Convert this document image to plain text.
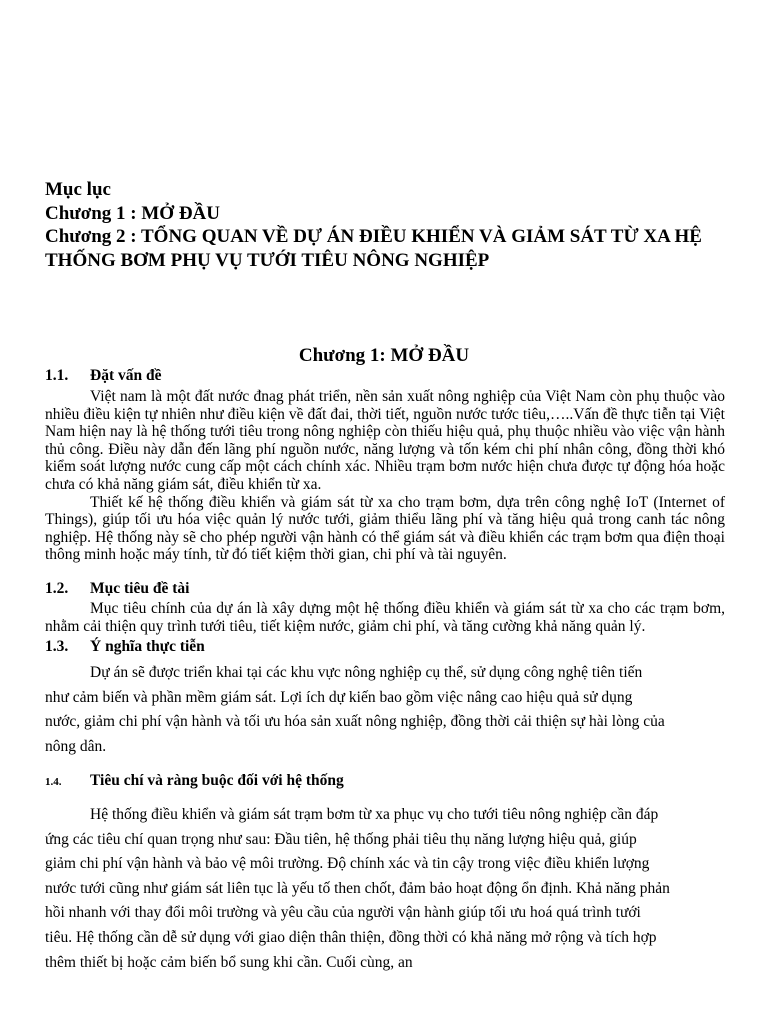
Mục lục
Chương 1 : MỞ ĐẦU
Chương 2 : TỔNG QUAN VỀ DỰ ÁN ĐIỀU KHIỂN VÀ GIẢM SÁT TỪ XA HỆ THỐNG BƠM PHỤ VỤ TƯỚI TIÊU NÔNG NGHIỆP
Chương 1: MỞ ĐẦU
1.1. Đặt vấn đề

Việt nam là một đất nước đnag phát triển, nền sản xuất nông nghiệp của Việt Nam còn phụ thuộc vào nhiều điều kiện tự nhiên như điều kiện về đất đai, thời tiết, nguồn nước tước tiêu,…..Vấn đề thực tiễn tại Việt Nam hiện nay là hệ thống tưới tiêu trong nông nghiệp còn thiếu hiệu quả, phụ thuộc nhiều vào việc vận hành thủ công. Điều này dẫn đến lãng phí nguồn nước, năng lượng và tốn kém chi phí nhân công, đồng thời khó kiểm soát lượng nước cung cấp một cách chính xác. Nhiều trạm bơm nước hiện chưa được tự động hóa hoặc chưa có khả năng giám sát, điều khiển từ xa.

Thiết kế hệ thống điều khiển và giám sát từ xa cho trạm bơm, dựa trên công nghệ IoT (Internet of Things), giúp tối ưu hóa việc quản lý nước tưới, giảm thiểu lãng phí và tăng hiệu quả trong canh tác nông nghiệp. Hệ thống này sẽ cho phép người vận hành có thể giám sát và điều khiển các trạm bơm qua điện thoại thông minh hoặc máy tính, từ đó tiết kiệm thời gian, chi phí và tài nguyên.

1.2. Mục tiêu đề tài

Mục tiêu chính của dự án là xây dựng một hệ thống điều khiển và giám sát từ xa cho các trạm bơm, nhằm cải thiện quy trình tưới tiêu, tiết kiệm nước, giảm chi phí, và tăng cường khả năng quản lý.

1.3. Ý nghĩa thực tiễn

Dự án sẽ được triển khai tại các khu vực nông nghiệp cụ thể, sử dụng công nghệ tiên tiến như cảm biến và phần mềm giám sát. Lợi ích dự kiến bao gồm việc nâng cao hiệu quả sử dụng nước, giảm chi phí vận hành và tối ưu hóa sản xuất nông nghiệp, đồng thời cải thiện sự hài lòng của nông dân.

1.4. Tiêu chí và ràng buộc đối với hệ thống

Hệ thống điều khiển và giám sát trạm bơm từ xa phục vụ cho tưới tiêu nông nghiệp cần đáp ứng các tiêu chí quan trọng như sau: Đầu tiên, hệ thống phải tiêu thụ năng lượng hiệu quả, giúp giảm chi phí vận hành và bảo vệ môi trường. Độ chính xác và tin cậy trong việc điều khiển lượng nước tưới cũng như giám sát liên tục là yếu tố then chốt, đảm bảo hoạt động ổn định. Khả năng phản hồi nhanh với thay đổi môi trường và yêu cầu của người vận hành giúp tối ưu hoá quá trình tưới tiêu. Hệ thống cần dễ sử dụng với giao diện thân thiện, đồng thời có khả năng mở rộng và tích hợp thêm thiết bị hoặc cảm biến bổ sung khi cần. Cuối cùng, an
